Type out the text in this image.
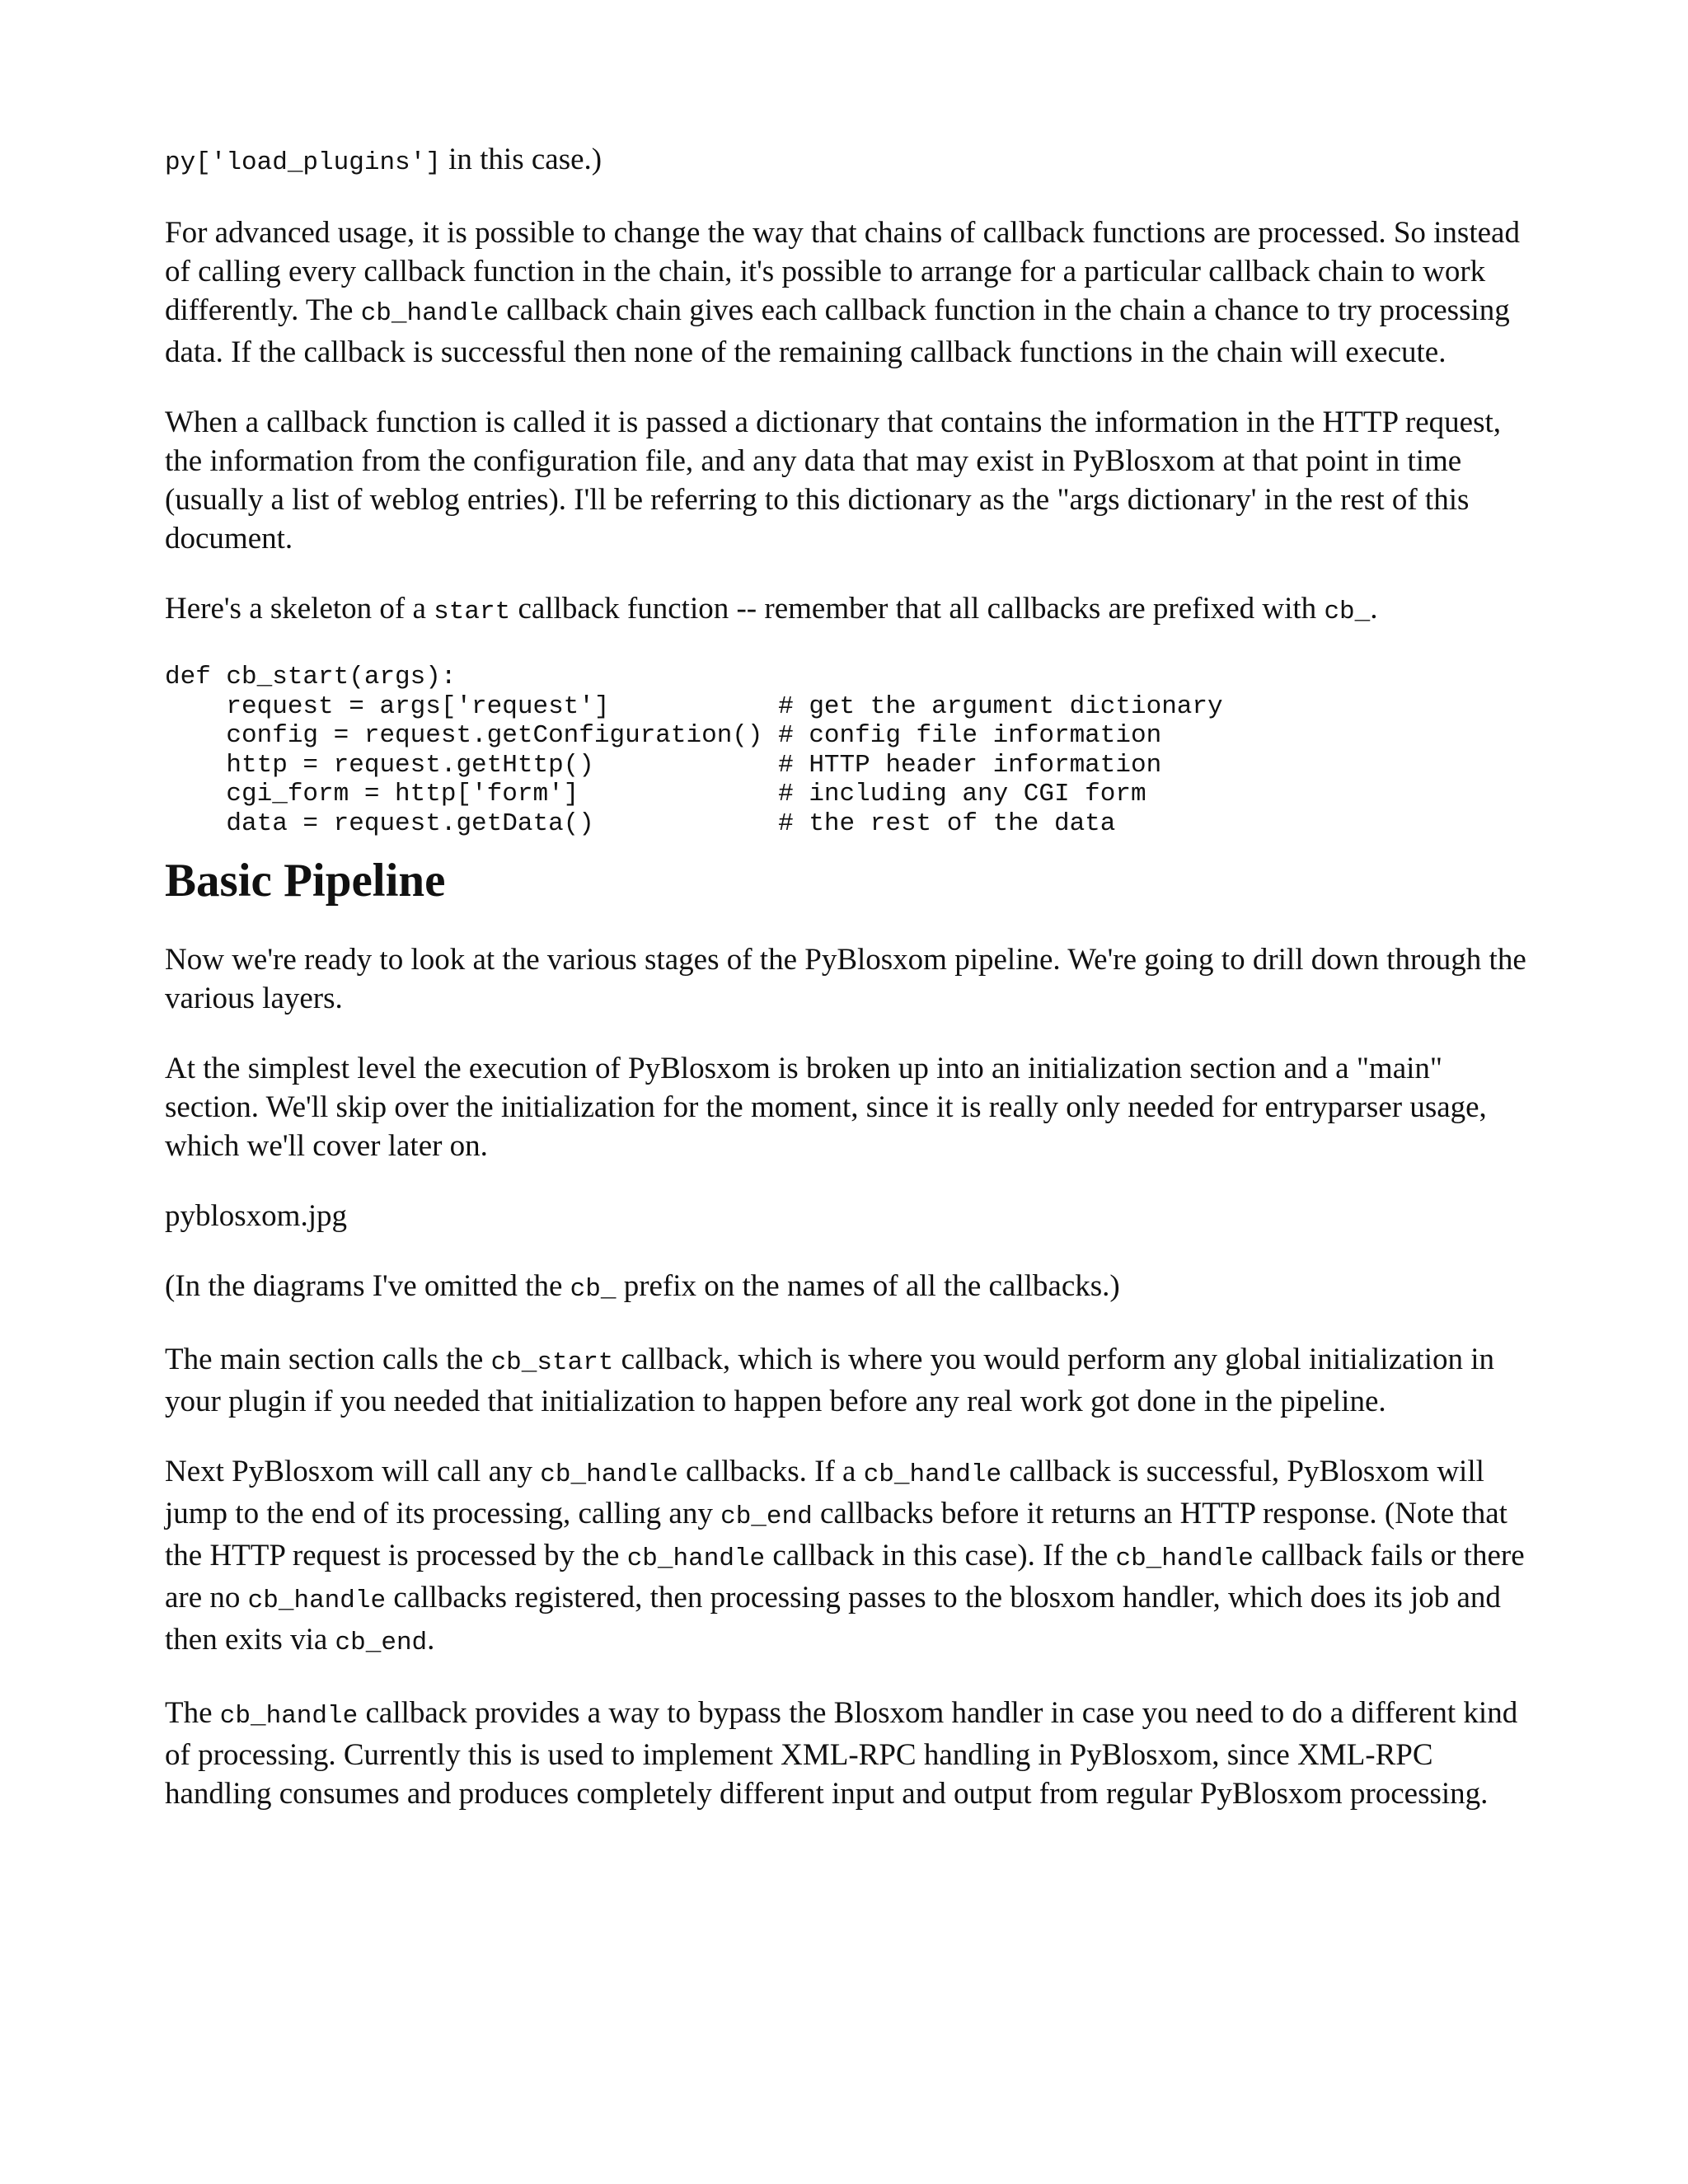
py['load_plugins'] in this case.)

For advanced usage, it is possible to change the way that chains of callback functions are processed. So instead of calling every callback function in the chain, it's possible to arrange for a particular callback chain to work differently. The cb_handle callback chain gives each callback function in the chain a chance to try processing data. If the callback is successful then none of the remaining callback functions in the chain will execute.

When a callback function is called it is passed a dictionary that contains the information in the HTTP request, the information from the configuration file, and any data that may exist in PyBlosxom at that point in time (usually a list of weblog entries). I'll be referring to this dictionary as the "args dictionary' in the rest of this document.

Here's a skeleton of a start callback function -- remember that all callbacks are prefixed with cb_.

def cb_start(args):
request = args['request']           # get the argument dictionary
config = request.getConfiguration() # config file information
http = request.getHttp()            # HTTP header information
cgi_form = http['form']             # including any CGI form
data = request.getData()            # the rest of the data
Basic Pipeline

Now we're ready to look at the various stages of the PyBlosxom pipeline. We're going to drill down through the various layers.

At the simplest level the execution of PyBlosxom is broken up into an initialization section and a "main" section. We'll skip over the initialization for the moment, since it is really only needed for entryparser usage, which we'll cover later on.

pyblosxom.jpg

(In the diagrams I've omitted the cb_ prefix on the names of all the callbacks.)

The main section calls the cb_start callback, which is where you would perform any global initialization in your plugin if you needed that initialization to happen before any real work got done in the pipeline.

Next PyBlosxom will call any cb_handle callbacks. If a cb_handle callback is successful, PyBlosxom will jump to the end of its processing, calling any cb_end callbacks before it returns an HTTP response. (Note that the HTTP request is processed by the cb_handle callback in this case). If the cb_handle callback fails or there are no cb_handle callbacks registered, then processing passes to the blosxom handler, which does its job and then exits via cb_end.

The cb_handle callback provides a way to bypass the Blosxom handler in case you need to do a different kind of processing. Currently this is used to implement XML-RPC handling in PyBlosxom, since XML-RPC handling consumes and produces completely different input and output from regular PyBlosxom processing.
